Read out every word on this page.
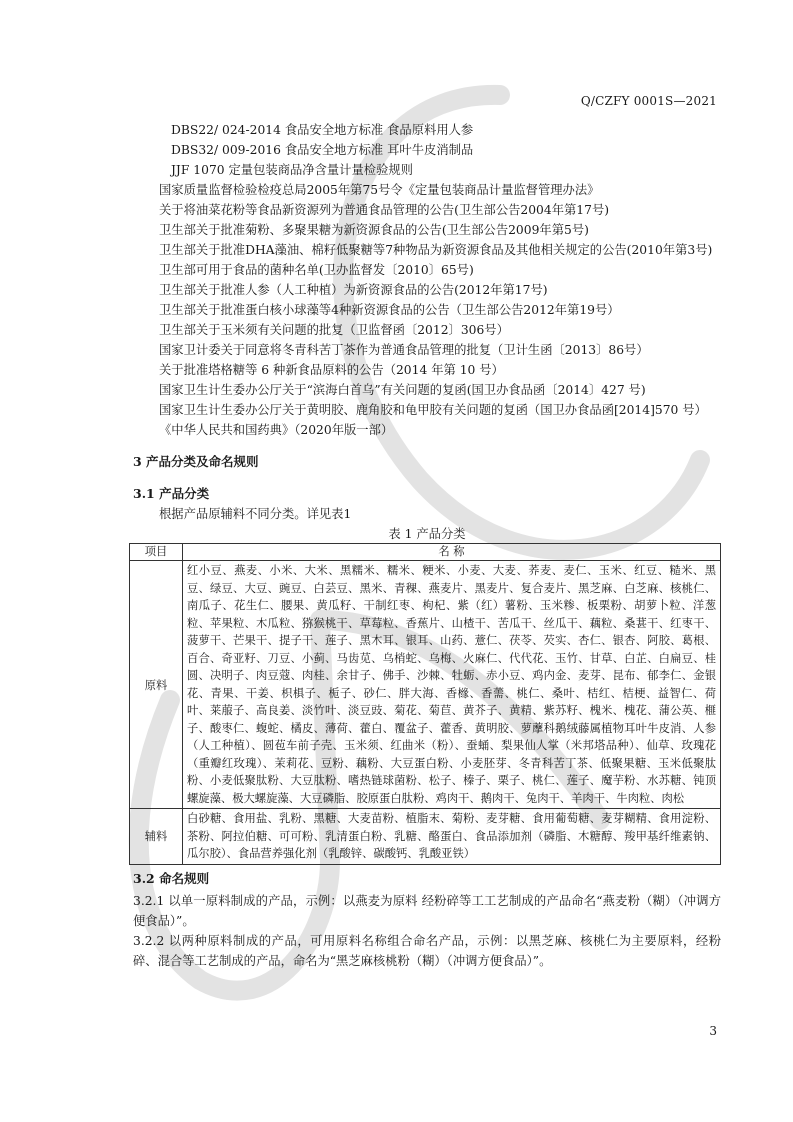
Q/CZFY 0001S—2021
DBS22/ 024-2014 食品安全地方标准 食品原料用人参
DBS32/ 009-2016 食品安全地方标准 耳叶牛皮消制品
JJF 1070 定量包装商品净含量计量检验规则
国家质量监督检验检疫总局2005年第75号令《定量包装商品计量监督管理办法》
关于将油菜花粉等食品新资源列为普通食品管理的公告(卫生部公告2004年第17号)
卫生部关于批准菊粉、多聚果糖为新资源食品的公告(卫生部公告2009年第5号)
卫生部关于批准DHA藻油、棉籽低聚糖等7种物品为新资源食品及其他相关规定的公告(2010年第3号)
卫生部可用于食品的菌种名单(卫办监督发〔2010〕65号)
卫生部关于批准人参（人工种植）为新资源食品的公告(2012年第17号)
卫生部关于批准蛋白核小球藻等4种新资源食品的公告（卫生部公告2012年第19号）
卫生部关于玉米须有关问题的批复（卫监督函〔2012〕306号）
国家卫计委关于同意将冬青科苦丁茶作为普通食品管理的批复（卫计生函〔2013〕86号）
关于批准塔格糖等 6 种新食品原料的公告（2014 年第 10 号）
国家卫生计生委办公厅关于“滨海白首乌”有关问题的复函(国卫办食品函〔2014〕427 号)
国家卫生计生委办公厅关于黄明胶、鹿角胶和龟甲胶有关问题的复函（国卫办食品函[2014]570 号）
《中华人民共和国药典》（2020年版一部）
3 产品分类及命名规则
3.1 产品分类
根据产品原辅料不同分类。详见表1
表 1 产品分类
项目	名 称
原料	红小豆、燕麦、小米、大米、黑糯米、糯米、粳米、小麦、大麦、荞麦、麦仁、玉米、红豆、糙米、黑豆、绿豆、大豆、豌豆、白芸豆、黑米、青稞、燕麦片、黑麦片、复合麦片、黑芝麻、白芝麻、核桃仁、南瓜子、花生仁、腰果、黄瓜籽、干制红枣、枸杞、紫（红）薯粉、玉米糁、板栗粉、胡萝卜粒、洋葱粒、苹果粒、木瓜粒、猕猴桃干、草莓粒、香蕉片、山楂干、苦瓜干、丝瓜干、藕粒、桑葚干、红枣干、菠萝干、芒果干、提子干、莲子、黑木耳、银耳、山药、薏仁、茯苓、芡实、杏仁、银杏、阿胶、葛根、百合、奇亚籽、刀豆、小蓟、马齿苋、乌梢蛇、乌梅、火麻仁、代代花、玉竹、甘草、白芷、白扁豆、桂圆、决明子、肉豆蔻、肉桂、余甘子、佛手、沙棘、牡蛎、赤小豆、鸡内金、麦芽、昆布、郁李仁、金银花、青果、干姜、枳椇子、栀子、砂仁、胖大海、香橼、香薷、桃仁、桑叶、桔红、桔梗、益智仁、荷叶、莱菔子、高良姜、淡竹叶、淡豆豉、菊花、菊苣、黄芥子、黄精、紫苏籽、槐米、槐花、蒲公英、榧子、酸枣仁、蝮蛇、橘皮、薄荷、藿白、覆盆子、藿香、黄明胶、萝藦科鹅绒藤属植物耳叶牛皮消、人参（人工种植）、圆苞车前子壳、玉米须、红曲米（粉）、蚕蛹、梨果仙人掌（米邦塔品种）、仙草、玫瑰花（重瓣红玫瑰）、茉莉花、豆粉、藕粉、大豆蛋白粉、小麦胚芽、冬青科苦丁茶、低聚果糖、玉米低聚肽粉、小麦低聚肽粉、大豆肽粉、嗜热链球菌粉、松子、榛子、栗子、桃仁、莲子、魔芋粉、水苏糖、钝顶螺旋藻、极大螺旋藻、大豆磷脂、胶原蛋白肽粉、鸡肉干、鹅肉干、兔肉干、羊肉干、牛肉粒、肉松
辅料	白砂糖、食用盐、乳粉、黑糖、大麦苗粉、植脂末、菊粉、麦芽糖、食用葡萄糖、麦芽糊精、食用淀粉、茶粉、阿拉伯糖、可可粉、乳清蛋白粉、乳糖、酪蛋白、食品添加剂（磷脂、木糖醇、羧甲基纤维素钠、瓜尔胶）、食品营养强化剂（乳酸锌、碳酸钙、乳酸亚铁）
3.2 命名规则

3.2.1 以单一原料制成的产品，示例：以燕麦为原料 经粉碎等工工艺制成的产品命名“燕麦粉（糊）（冲调方便食品）”。

3.2.2 以两种原料制成的产品，可用原料名称组合命名产品，示例：以黑芝麻、核桃仁为主要原料，经粉碎、混合等工艺制成的产品，命名为“黑芝麻核桃粉（糊）（冲调方便食品）”。

3
